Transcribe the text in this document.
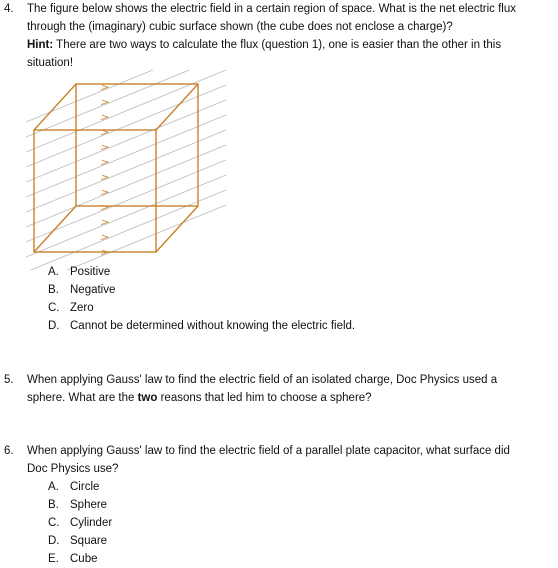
4. The figure below shows the electric field in a certain region of space. What is the net electric flux
through the (imaginary) cubic surface shown (the cube does not enclose a charge)?
Hint: There are two ways to calculate the flux (question 1), one is easier than the other in this
situation!
A. Positive
B. Negative
C. Zero
D. Cannot be determined without knowing the electric field.
5. When applying Gauss' law to find the electric field of an isolated charge, Doc Physics used a
sphere. What are the two reasons that led him to choose a sphere?
6. When applying Gauss' law to find the electric field of a parallel plate capacitor, what surface did
Doc Physics use?
A. Circle
B. Sphere
C. Cylinder
D. Square
E. Cube
